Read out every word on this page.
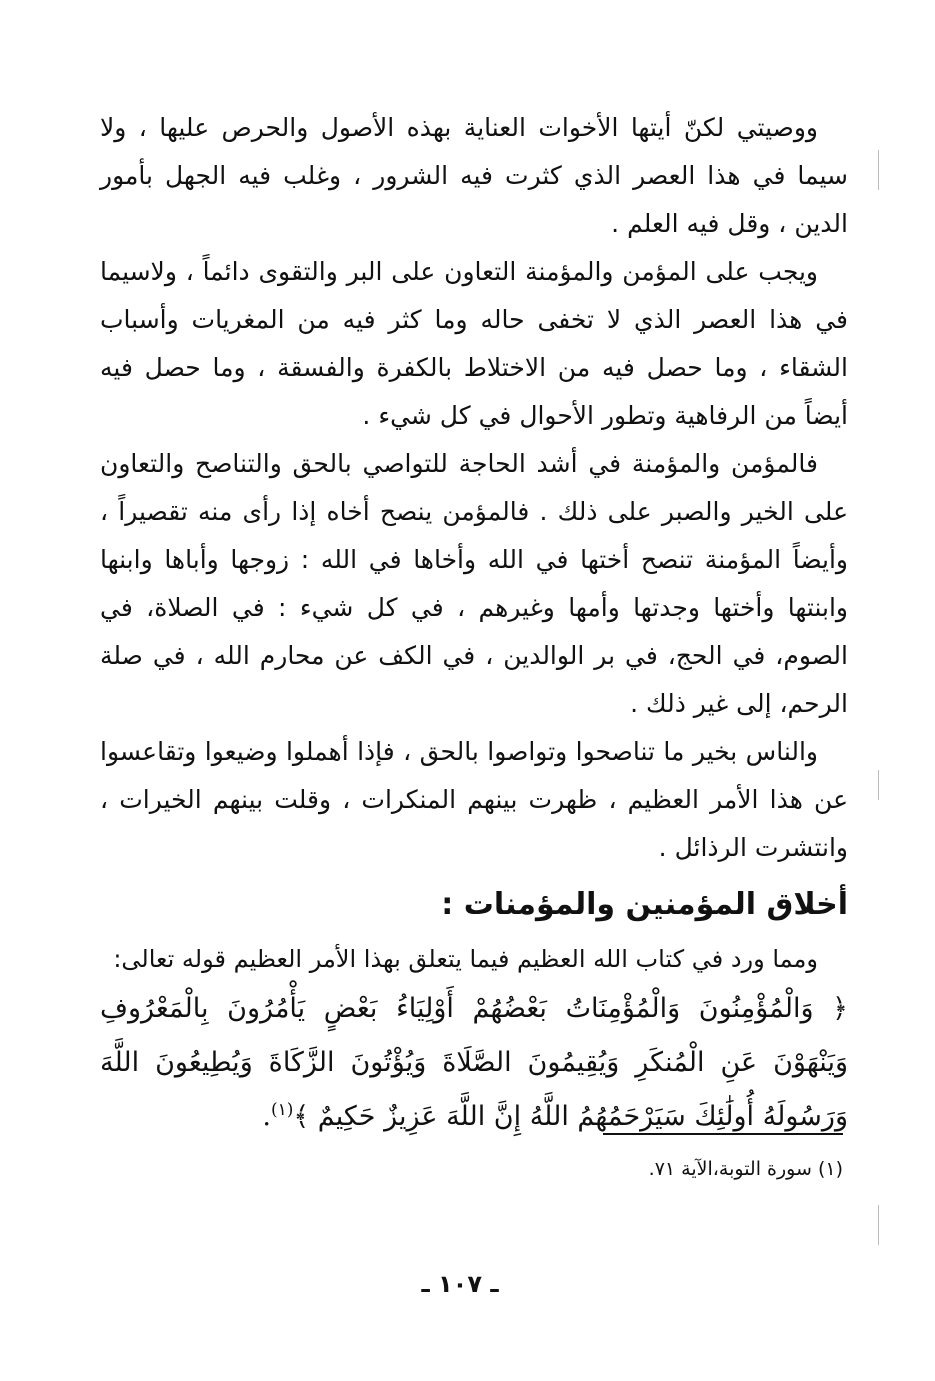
ووصيتي لكنّ أيتها الأخوات العناية بهذه الأصول والحرص عليها ، ولا سيما في هذا العصر الذي كثرت فيه الشرور ، وغلب فيه الجهل بأمور الدين ، وقل فيه العلم .

ويجب على المؤمن والمؤمنة التعاون على البر والتقوى دائماً ، ولاسيما في هذا العصر الذي لا تخفى حاله وما كثر فيه من المغريات وأسباب الشقاء ، وما حصل فيه من الاختلاط بالكفرة والفسقة ، وما حصل فيه أيضاً من الرفاهية وتطور الأحوال في كل شيء .

فالمؤمن والمؤمنة في أشد الحاجة للتواصي بالحق والتناصح والتعاون على الخير والصبر على ذلك . فالمؤمن ينصح أخاه إذا رأى منه تقصيراً ، وأيضاً المؤمنة تنصح أختها في الله وأخاها في الله : زوجها وأباها وابنها وابنتها وأختها وجدتها وأمها وغيرهم ، في كل شيء : في الصلاة، في الصوم، في الحج، في بر الوالدين ، في الكف عن محارم الله ، في صلة الرحم، إلى غير ذلك .

والناس بخير ما تناصحوا وتواصوا بالحق ، فإذا أهملوا وضيعوا وتقاعسوا عن هذا الأمر العظيم ، ظهرت بينهم المنكرات ، وقلت بينهم الخيرات ، وانتشرت الرذائل .

أخلاق المؤمنين والمؤمنات :

ومما ورد في كتاب الله العظيم فيما يتعلق بهذا الأمر العظيم قوله تعالى:

﴿ وَالْمُؤْمِنُونَ وَالْمُؤْمِنَاتُ بَعْضُهُمْ أَوْلِيَاءُ بَعْضٍ يَأْمُرُونَ بِالْمَعْرُوفِ وَيَنْهَوْنَ عَنِ الْمُنكَرِ وَيُقِيمُونَ الصَّلَاةَ وَيُؤْتُونَ الزَّكَاةَ وَيُطِيعُونَ اللَّهَ وَرَسُولَهُ أُولَٰئِكَ سَيَرْحَمُهُمُ اللَّهُ إِنَّ اللَّهَ عَزِيزٌ حَكِيمٌ ﴾$^{(١)}$.

(١) سورة التوبة،الآية ٧١.
ـ ١٠٧ ـ
